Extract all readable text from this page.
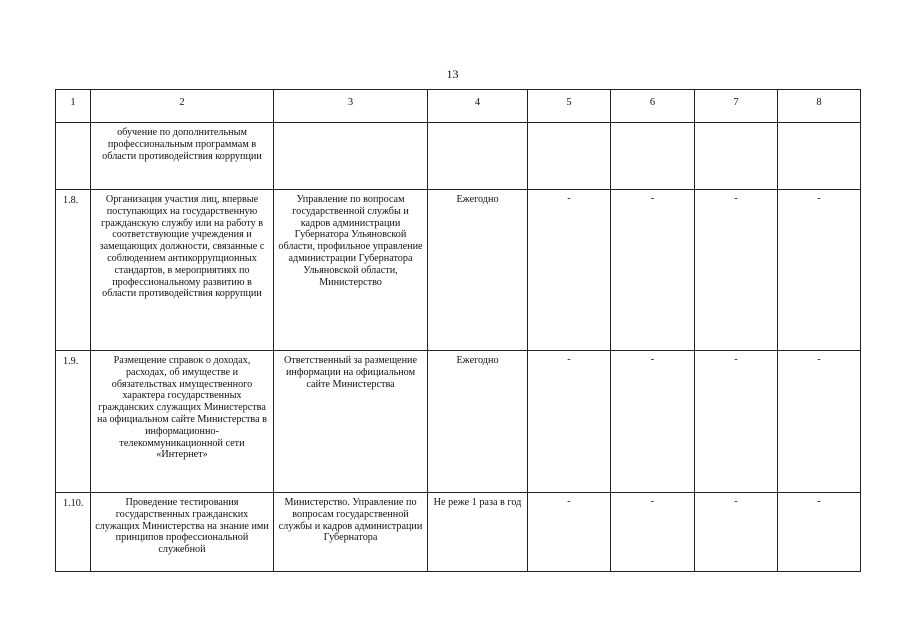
13
1	2	3	4	5	6	7	8
	обучение по дополнительным профессиональным программам в области противодействия коррупции						
1.8.	Организация участия лиц, впервые поступающих на государственную гражданскую службу или на работу в соответствующие учреждения и замещающих должности, связанные с соблюдением антикоррупционных стандартов, в мероприятиях по профессиональному развитию в области противодействия коррупции	Управление по вопросам государственной службы и кадров администрации Губернатора Ульяновской области, профильное управление администрации Губернатора Ульяновской области, Министерство	Ежегодно	-	-	-	-
1.9.	Размещение справок о доходах, расходах, об имуществе и обязательствах имущественного характера государственных гражданских служащих Министерства на официальном сайте Министерства в информационно-телекоммуникационной сети «Интернет»	Ответственный за размещение информации на официальном сайте Министерства	Ежегодно	-	-	-	-
1.10.	Проведение тестирования государственных гражданских служащих Министерства на знание ими принципов профессиональной служебной	Министерство. Управление по вопросам государственной службы и кадров администрации Губернатора	Не реже 1 раза в год	-	-	-	-
